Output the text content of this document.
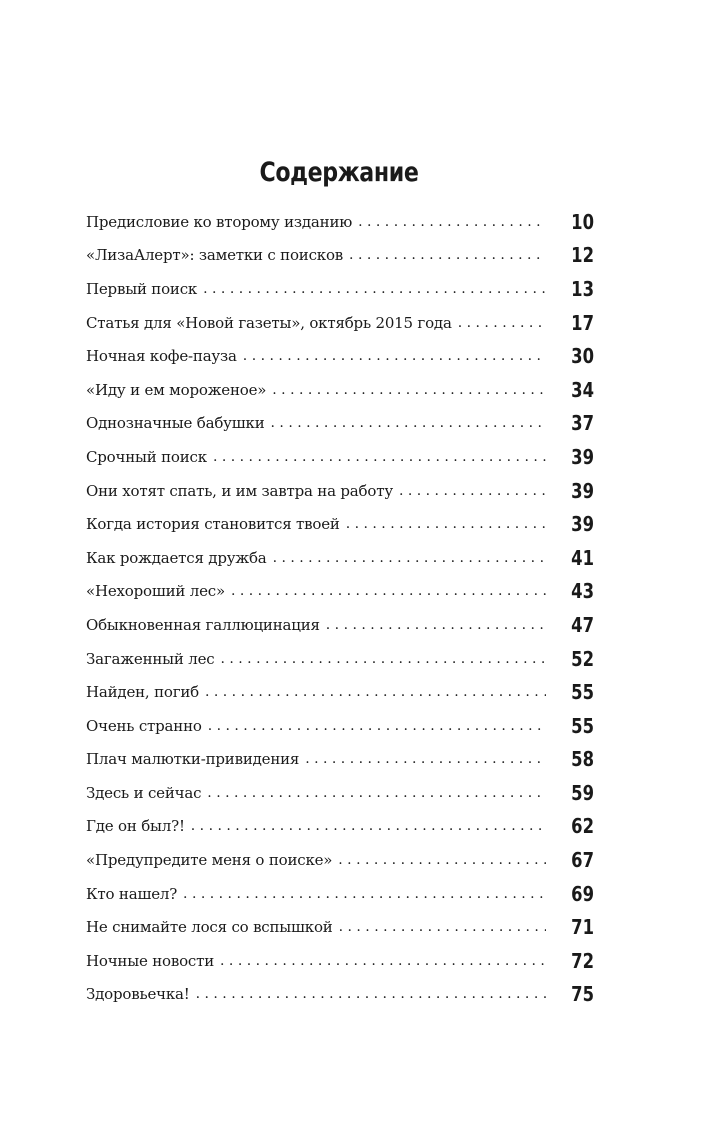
Содержание
Предисловие ко второму изданию . . .	10
«ЛизаАлерт»: заметки с поисков . . .	12
Первый поиск . . .	13
Статья для «Новой газеты», октябрь 2015 года . . .	17
Ночная кофе-пауза . . .	30
«Иду и ем мороженое» . . .	34
Однозначные бабушки . . .	37
Срочный поиск . . .	39
Они хотят спать, и им завтра на работу . . .	39
Когда история становится твоей . . .	39
Как рождается дружба . . .	41
«Нехороший лес» . . .	43
Обыкновенная галлюцинация . . .	47
Загаженный лес . . .	52
Найден, погиб . . .	55
Очень странно . . .	55
Плач малютки-привидения . . .	58
Здесь и сейчас . . .	59
Где он был?! . . .	62
«Предупредите меня о поиске» . . .	67
Кто нашел? . . .	69
Не снимайте лося со вспышкой . . .	71
Ночные новости . . .	72
Здоровьечка! . . .	75
